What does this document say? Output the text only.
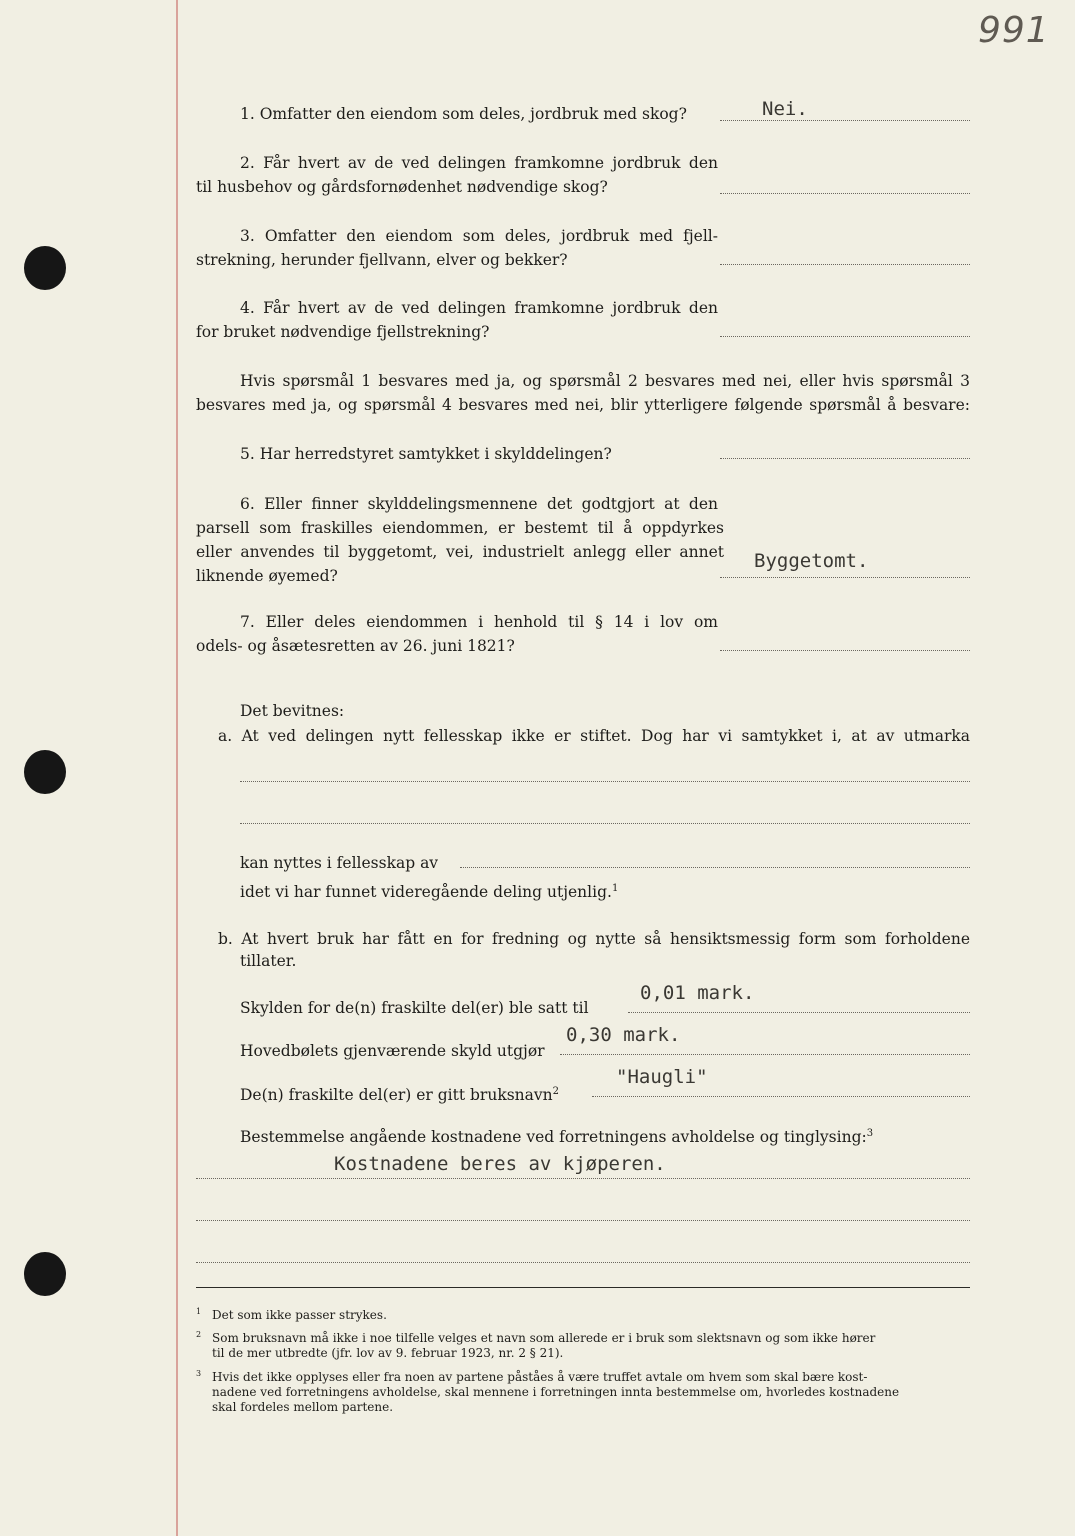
991
1. Omfatter den eiendom som deles, jordbruk med skog?	Nei.
2. Får hvert av de ved delingen framkomne jordbruk den
til husbehov og gårdsfornødenhet nødvendige skog?
3. Omfatter den eiendom som deles, jordbruk med fjell-
strekning, herunder fjellvann, elver og bekker?
4. Får hvert av de ved delingen framkomne jordbruk den
for bruket nødvendige fjellstrekning?
Hvis spørsmål 1 besvares med ja, og spørsmål 2 besvares med nei, eller hvis spørsmål 3
besvares med ja, og spørsmål 4 besvares med nei, blir ytterligere følgende spørsmål å besvare:
5. Har herredstyret samtykket i skylddelingen?
6. Eller finner skylddelingsmennene det godtgjort at den
parsell som fraskilles eiendommen, er bestemt til å oppdyrkes
eller anvendes til byggetomt, vei, industrielt anlegg eller annet
liknende øyemed?
Byggetomt.
7. Eller deles eiendommen i henhold til § 14 i lov om
odels- og åsætesretten av 26. juni 1821?
Det bevitnes:
a. At ved delingen nytt fellesskap ikke er stiftet. Dog har vi samtykket i, at av utmarka
kan nyttes i fellesskap av
idet vi har funnet videregående deling utjenlig.$^1$
b. At hvert bruk har fått en for fredning og nytte så hensiktsmessig form som forholdene
tillater.
Skylden for de(n) fraskilte del(er) ble satt til
0,01 mark.
Hovedbølets gjenværende skyld utgjør
0,30 mark.
De(n) fraskilte del(er) er gitt bruksnavn$^2$
"Haugli"
Bestemmelse angående kostnadene ved forretningens avholdelse og tinglysing:$^3$
Kostnadene beres av kjøperen.
$^1$ Det som ikke passer strykes.
$^2$ Som bruksnavn må ikke i noe tilfelle velges et navn som allerede er i bruk som slektsnavn og som ikke hører
til de mer utbredte (jfr. lov av 9. februar 1923, nr. 2 § 21).
$^3$ Hvis det ikke opplyses eller fra noen av partene påståes å være truffet avtale om hvem som skal bære kost-
nadene ved forretningens avholdelse, skal mennene i forretningen innta bestemmelse om, hvorledes kostnadene
skal fordeles mellom partene.
